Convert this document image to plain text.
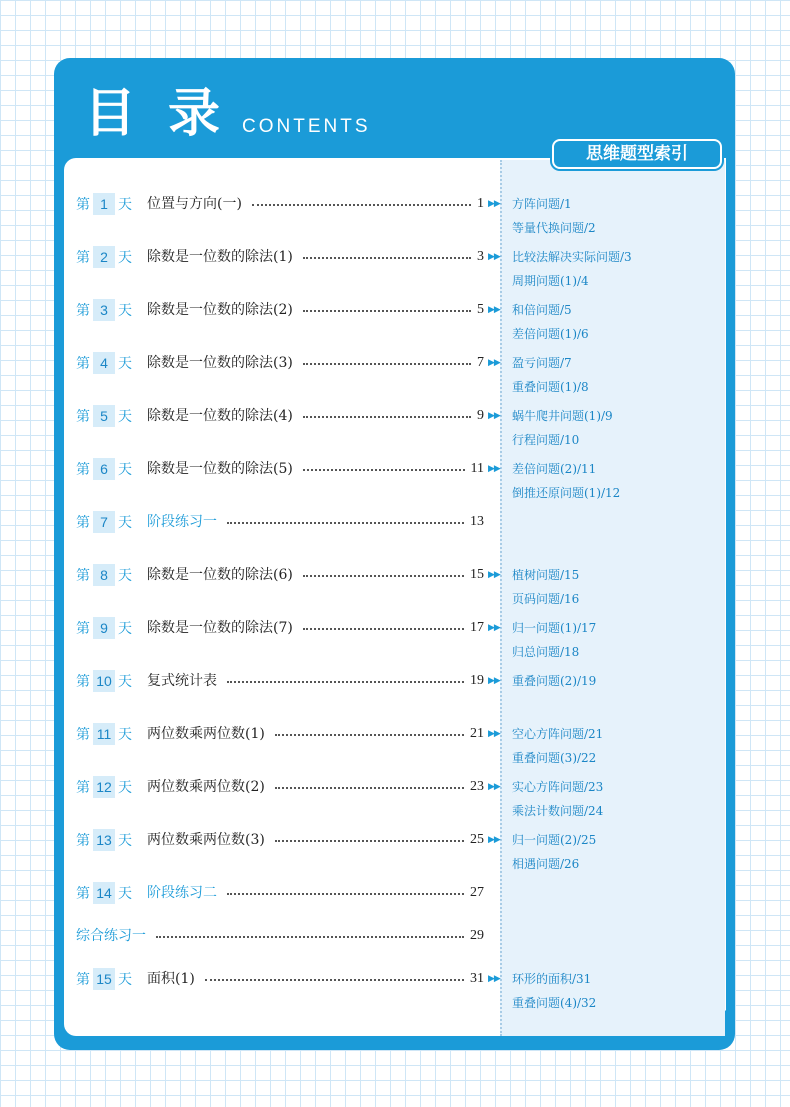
目录
CONTENTS
思维题型索引
第 1 天 位置与方向(一)	1
第 2 天 除数是一位数的除法(1)	3
第 3 天 除数是一位数的除法(2)	5
第 4 天 除数是一位数的除法(3)	7
第 5 天 除数是一位数的除法(4)	9
第 6 天 除数是一位数的除法(5)	11
第 7 天 阶段练习一	13
第 8 天 除数是一位数的除法(6)	15
第 9 天 除数是一位数的除法(7)	17
第 10 天 复式统计表	19
第 11 天 两位数乘两位数(1)	21
第 12 天 两位数乘两位数(2)	23
第 13 天 两位数乘两位数(3)	25
第 14 天 阶段练习二	27
综合练习一	29
第 15 天 面积(1)	31
▶▶ 方阵问题/1
等量代换问题/2
▶▶ 比较法解决实际问题/3
周期问题(1)/4
▶▶ 和倍问题/5
差倍问题(1)/6
▶▶ 盈亏问题/7
重叠问题(1)/8
▶▶ 蜗牛爬井问题(1)/9
行程问题/10
▶▶ 差倍问题(2)/11
倒推还原问题(1)/12
▶▶ 植树问题/15
页码问题/16
▶▶ 归一问题(1)/17
归总问题/18
▶▶ 重叠问题(2)/19
▶▶ 空心方阵问题/21
重叠问题(3)/22
▶▶ 实心方阵问题/23
乘法计数问题/24
▶▶ 归一问题(2)/25
相遇问题/26
▶▶ 环形的面积/31
重叠问题(4)/32
